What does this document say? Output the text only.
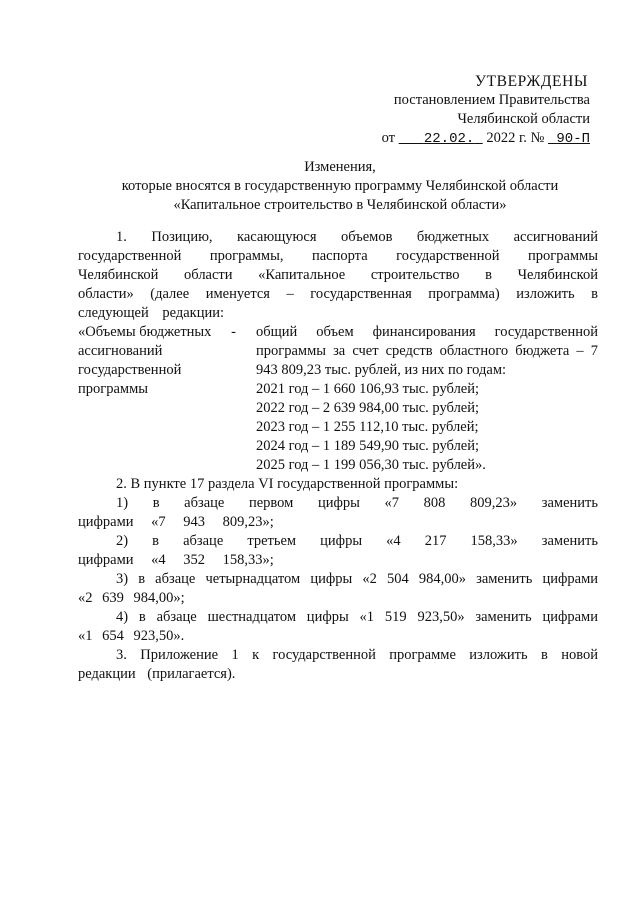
УТВЕРЖДЕНЫ
постановлением Правительства
Челябинской области
от 22.02. 2022 г. № 90-П
Изменения,
которые вносятся в государственную программу Челябинской области
«Капитальное строительство в Челябинской области»

1. Позицию, касающуюся объемов бюджетных ассигнований государственной программы, паспорта государственной программы Челябинской области «Капитальное строительство в Челябинской области» (далее именуется – государственная программа) изложить в следующей редакции:

«Объемы бюджетных
ассигнований
государственной
программы
- общий объем финансирования государственной программы за счет средств областного бюджета – 7 943 809,23 тыс. рублей, из них по годам:

2021 год – 1 660 106,93 тыс. рублей;
2022 год – 2 639 984,00 тыс. рублей;
2023 год – 1 255 112,10 тыс. рублей;
2024 год – 1 189 549,90 тыс. рублей;
2025 год – 1 199 056,30 тыс. рублей».

2. В пункте 17 раздела VI государственной программы:

1) в абзаце первом цифры «7 808 809,23» заменить цифрами «7 943 809,23»;

2) в абзаце третьем цифры «4 217 158,33» заменить цифрами «4 352 158,33»;

3) в абзаце четырнадцатом цифры «2 504 984,00» заменить цифрами «2 639 984,00»;

4) в абзаце шестнадцатом цифры «1 519 923,50» заменить цифрами «1 654 923,50».

3. Приложение 1 к государственной программе изложить в новой редакции (прилагается).
